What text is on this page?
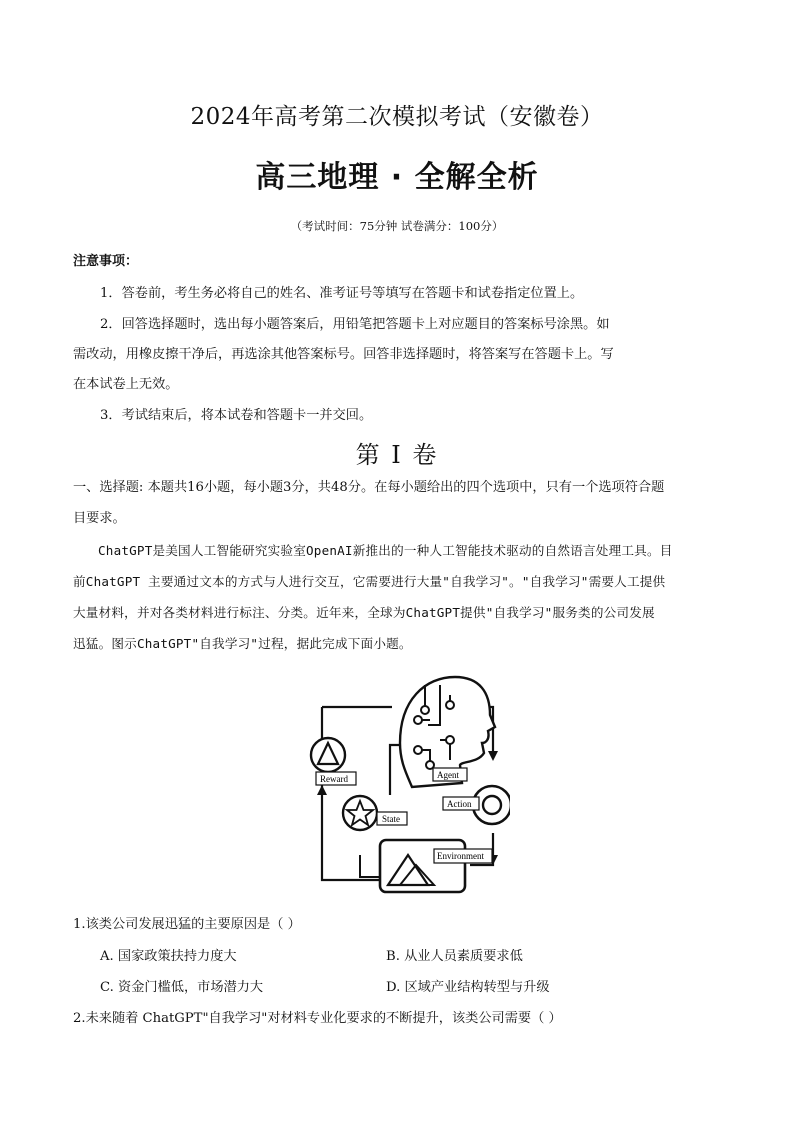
2024年高考第二次模拟考试（安徽卷）
高三地理 · 全解全析
（考试时间：75分钟 试卷满分：100分）
注意事项：
1．答卷前，考生务必将自己的姓名、准考证号等填写在答题卡和试卷指定位置上。
2．回答选择题时，选出每小题答案后，用铅笔把答题卡上对应题目的答案标号涂黑。如
需改动，用橡皮擦干净后，再选涂其他答案标号。回答非选择题时，将答案写在答题卡上。写
在本试卷上无效。
3．考试结束后，将本试卷和答题卡一并交回。
第 I 卷
一、选择题: 本题共16小题，每小题3分，共48分。在每小题给出的四个选项中，只有一个选项符合题
目要求。
ChatGPT是美国人工智能研究实验室OpenAI新推出的一种人工智能技术驱动的自然语言处理工具。目
前ChatGPT 主要通过文本的方式与人进行交互，它需要进行大量"自我学习"。"自我学习"需要人工提供
大量材料，并对各类材料进行标注、分类。近年来，全球为ChatGPT提供"自我学习"服务类的公司发展
迅猛。图示ChatGPT"自我学习"过程，据此完成下面小题。
Reward	Agent
Action
State
Environment
1.该类公司发展迅猛的主要原因是（ ）
A. 国家政策扶持力度大	B. 从业人员素质要求低
C. 资金门槛低，市场潜力大	D. 区域产业结构转型与升级
2.未来随着 ChatGPT"自我学习"对材料专业化要求的不断提升，该类公司需要（ ）
